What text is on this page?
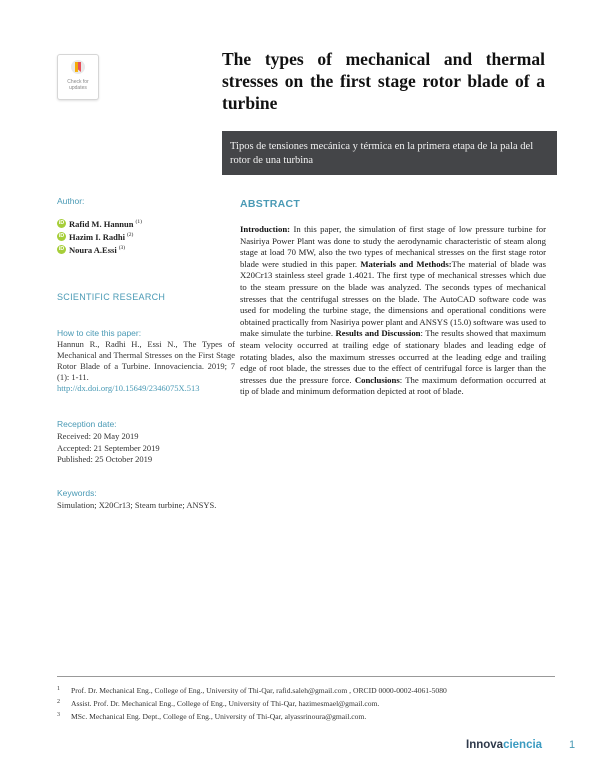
Check for
updates
The types of mechanical and thermal stresses on the first stage rotor blade of a turbine
Tipos de tensiones mecánica y térmica en la primera etapa de la pala del rotor de una turbina
Author:
iD Rafid M. Hannun $^{(1)}$
iD Hazim I. Radhi $^{(2)}$
iD Noura A.Essi $^{(3)}$
SCIENTIFIC RESEARCH
How to cite this paper:
Hannun R., Radhi H., Essi N., The Types of Mechanical and Thermal Stresses on the First Stage Rotor Blade of a Turbine. Innovaciencia. 2019; 7 (1): 1-11.
http://dx.doi.org/10.15649/2346075X.513
Reception date:
Received: 20 May 2019
Accepted: 21 September 2019
Published: 25 October 2019
Keywords:
Simulation; X20Cr13; Steam turbine; ANSYS.
ABSTRACT

Introduction: In this paper, the simulation of first stage of low pressure turbine for Nasiriya Power Plant was done to study the aerodynamic characteristic of steam along stage at load 70 MW, also the two types of mechanical stresses on the first stage rotor blade were studied in this paper. Materials and Methods:The material of blade was X20Cr13 stainless steel grade 1.4021. The first type of mechanical stresses which due to the steam pressure on the blade was analyzed. The seconds types of mechanical stresses that the centrifugal stresses on the blade. The AutoCAD software code was used for modeling the turbine stage, the dimensions and operational conditions were obtained practically from Nasiriya power plant and ANSYS (15.0) software was used to make simulate the turbine. Results and Discussion: The results showed that maximum steam velocity occurred at trailing edge of stationary blades and leading edge of rotating blades, also the maximum stresses occurred at the leading edge and trailing edge of root blade, the stresses due to the effect of centrifugal force is larger than the stresses due the pressure force. Conclusions: The maximum deformation occurred at tip of blade and minimum deformation depicted at root of blade.

1	Prof. Dr. Mechanical Eng., College of Eng., University of Thi-Qar, rafid.saleh@gmail.com , ORCID 0000-0002-4061-5080
2	Assist. Prof. Dr. Mechanical Eng., College of Eng., University of Thi-Qar, hazimesmael@gmail.com.
3	MSc. Mechanical Eng. Dept., College of Eng., University of Thi-Qar, alyassrinoura@gmail.com.
Innovaciencia 1
